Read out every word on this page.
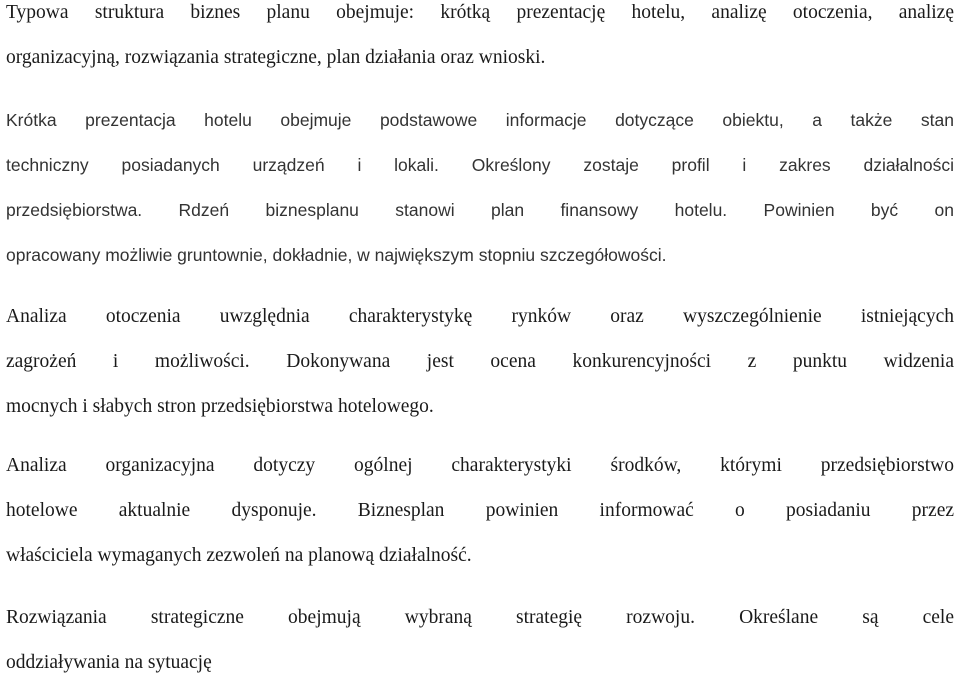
Typowa struktura biznes planu obejmuje: krótką prezentację hotelu, analizę otoczenia, analizę
organizacyjną, rozwiązania strategiczne, plan działania oraz wnioski.
Krótka prezentacja hotelu obejmuje podstawowe informacje dotyczące obiektu, a także stan
techniczny posiadanych urządzeń i lokali. Określony zostaje profil i zakres działalności
przedsiębiorstwa. Rdzeń biznesplanu stanowi plan finansowy hotelu. Powinien być on
opracowany możliwie gruntownie, dokładnie, w największym stopniu szczegółowości.
Analiza otoczenia uwzględnia charakterystykę rynków oraz wyszczególnienie istniejących
zagrożeń i możliwości. Dokonywana jest ocena konkurencyjności z punktu widzenia
mocnych i słabych stron przedsiębiorstwa hotelowego.
Analiza organizacyjna dotyczy ogólnej charakterystyki środków, którymi przedsiębiorstwo
hotelowe aktualnie dysponuje. Biznesplan powinien informować o posiadaniu przez
właściciela wymaganych zezwoleń na planową działalność.
Rozwiązania strategiczne obejmują wybraną strategię rozwoju. Określane są cele
oddziaływania na sytuację
